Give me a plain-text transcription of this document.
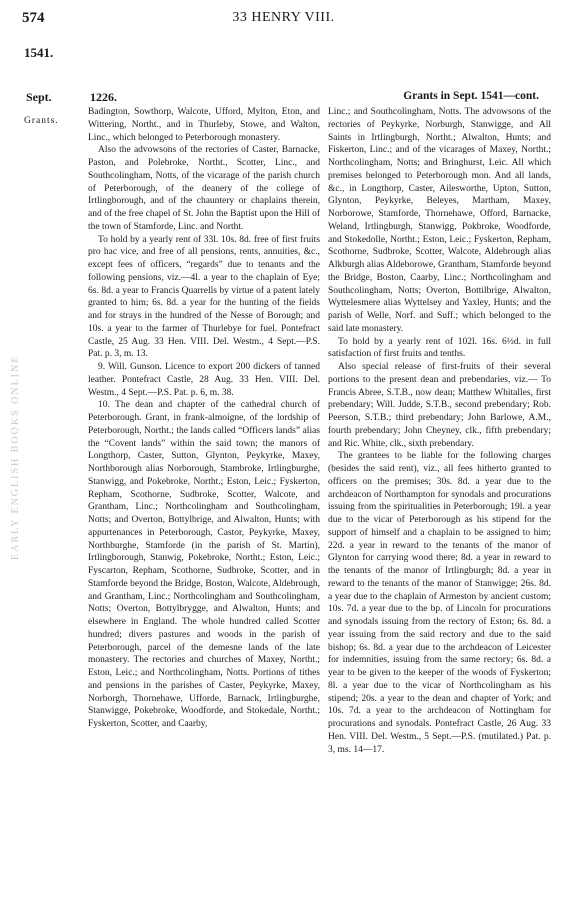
574	33 HENRY VIII.
1541.
Sept.
Grants.
1226.	Grants in Sept. 1541—cont.
EARLY ENGLISH BOOKS ONLINE

Badington, Sowthorp, Walcote, Ufford, Mylton, Eton, and Wittering, Northt., and in Thurleby, Stowe, and Walton, Linc., which belonged to Peterborough monastery.

Also the advowsons of the rectories of Caster, Barnacke, Paston, and Polebroke, Northt., Scotter, Linc., and Southcolingham, Notts, of the vicarage of the parish church of Peterborough, of the deanery of the college of Irtlingborough, and of the chauntery or chaplains therein, and of the free chapel of St. John the Baptist upon the Hill of the town of Stamforde, Linc. and Northt.

To hold by a yearly rent of 33l. 10s. 8d. free of first fruits pro hac vice, and free of all pensions, rents, annuities, &c., except fees of officers, “regards” due to tenants and the following pensions, viz.—4l. a year to the chaplain of Eye; 6s. 8d. a year to Francis Quarrells by virtue of a patent lately granted to him; 6s. 8d. a year for the hunting of the fields and for strays in the hundred of the Nesse of Borough; and 10s. a year to the farmer of Thurlebye for fuel. Pontefract Castle, 25 Aug. 33 Hen. VIII. Del. Westm., 4 Sept.—P.S. Pat. p. 3, m. 13.

9. Will. Gunson. Licence to export 200 dickers of tanned leather. Pontefract Castle, 28 Aug. 33 Hen. VIII. Del. Westm., 4 Sept.—P.S. Pat. p. 6, m. 38.

10. The dean and chapter of the cathedral church of Peterborough. Grant, in frank-almoigne, of the lordship of Peterborough, Northt.; the lands called “Officers lands” alias the “Covent lands” within the said town; the manors of Longthorp, Caster, Sutton, Glynton, Peykyrke, Maxey, Northborough alias Norborough, Stambroke, Irtlingburghe, Stanwigg, and Pokebroke, Northt.; Eston, Leic.; Fyskerton, Repham, Scothorne, Sudbroke, Scotter, Walcote, and Grantham, Linc.; Northcolingham and Southcolingham, Notts; and Overton, Bottylbrige, and Alwalton, Hunts; with appurtenances in Peterborough, Castor, Peykyrke, Maxey, Northburghe, Stamforde (in the parish of St. Martin), Irtlingborough, Stanwig, Pokebroke, Northt.; Eston, Leic.; Fyscarton, Repham, Scothorne, Sudbroke, Scotter, and in Stamforde beyond the Bridge, Boston, Walcote, Aldebrough, and Grantham, Linc.; Northcolingham and Southcolingham, Notts; Overton, Bottylbrygge, and Alwalton, Hunts; and elsewhere in England. The whole hundred called Scotter hundred; divers pastures and woods in the parish of Peterborough, parcel of the demesne lands of the late monastery. The rectories and churches of Maxey, Northt.; Eston, Leic.; and Northcolingham, Notts. Portions of tithes and pensions in the parishes of Caster, Peykyrke, Maxey, Norborgh, Thornehawe, Ufforde, Barnack, Irtlingburghe, Stanwigge, Pokebroke, Woodforde, and Stokedale, Northt.; Fyskerton, Scotter, and Caarby,

Linc.; and Southcolingham, Notts. The advowsons of the rectories of Peykyrke, Norburgh, Stanwigge, and All Saints in Irtlingburgh, Northt.; Alwalton, Hunts; and Fiskerton, Linc.; and of the vicarages of Maxey, Northt.; Northcolingham, Notts; and Bringhurst, Leic. All which premises belonged to Peterborough mon. And all lands, &c., in Longthorp, Caster, Ailesworthe, Upton, Sutton, Glynton, Peykyrke, Beleyes, Martham, Maxey, Norborowe, Stamforde, Thornehawe, Offord, Barnacke, Weland, Irtlingburgh, Stanwigg, Pokbroke, Woodforde, and Stokedolle, Northt.; Eston, Leic.; Fyskerton, Repham, Scothorne, Sudbroke, Scotter, Walcote, Aldebrough alias Alkburgh alias Aldeborowe, Grantham, Stamforde beyond the Bridge, Boston, Caarby, Linc.; Northcolingham and Southcolingham, Notts; Overton, Bottilbrige, Alwalton, Wyttelesmere alias Wyttelsey and Yaxley, Hunts; and the parish of Welle, Norf. and Suff.; which belonged to the said late monastery.

To hold by a yearly rent of 102l. 16s. 6½d. in full satisfaction of first fruits and tenths.

Also special release of first-fruits of their several portions to the present dean and prebendaries, viz.— To Francis Abree, S.T.B., now dean; Matthew Whitalles, first prebendary; Will. Judde, S.T.B., second prebendary; Rob. Peerson, S.T.B.; third prebendary; John Barlowe, A.M., fourth prebendary; John Cheyney, clk., fifth prebendary; and Ric. White, clk., sixth prebendary.

The grantees to be liable for the following charges (besides the said rent), viz., all fees hitherto granted to officers on the premises; 30s. 8d. a year due to the archdeacon of Northampton for synodals and procurations issuing from the spiritualities in Peterborough; 19l. a year due to the vicar of Peterborough as his stipend for the support of himself and a chaplain to be assigned to him; 22d. a year in reward to the tenants of the manor of Glynton for carrying wood there; 8d. a year in reward to the tenants of the manor of Irtlingburgh; 8d. a year in reward to the tenants of the manor of Stanwigge; 26s. 8d. a year due to the chaplain of Armeston by ancient custom; 10s. 7d. a year due to the bp. of Lincoln for procurations and synodals issuing from the rectory of Eston; 6s. 8d. a year issuing from the said rectory and due to the said bishop; 6s. 8d. a year due to the archdeacon of Leicester for indemnities, issuing from the same rectory; 6s. 8d. a year to be given to the keeper of the woods of Fyskerton; 8l. a year due to the vicar of Northcolingham as his stipend; 20s. a year to the dean and chapter of York; and 10s. 7d. a year to the archdeacon of Nottingham for procurations and synodals. Pontefract Castle, 26 Aug. 33 Hen. VIII. Del. Westm., 5 Sept.—P.S. (mutilated.) Pat. p. 3, ms. 14—17.
